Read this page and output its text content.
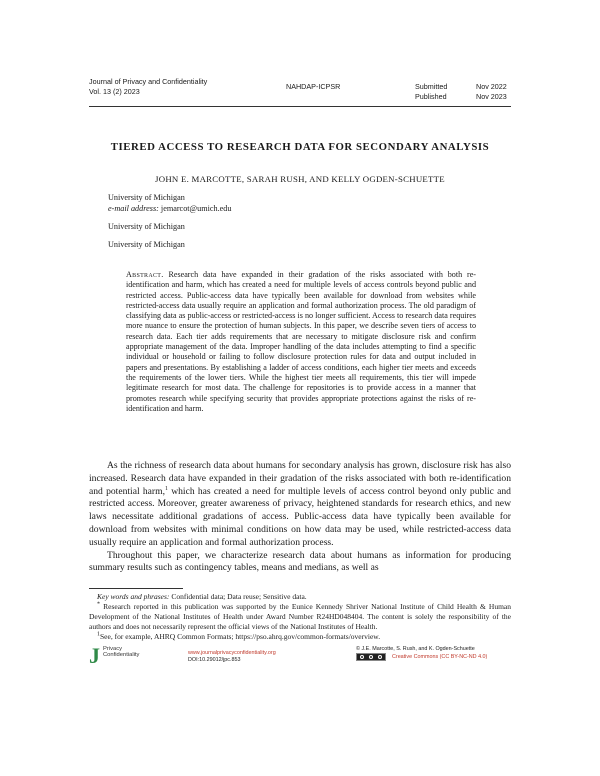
Journal of Privacy and Confidentiality
Vol. 13 (2) 2023
NAHDAP-ICPSR	Submitted	Nov 2022
Published	Nov 2023
TIERED ACCESS TO RESEARCH DATA FOR SECONDARY ANALYSIS
JOHN E. MARCOTTE, SARAH RUSH, AND KELLY OGDEN-SCHUETTE
University of Michigan
e-mail address: jemarcot@umich.edu
University of Michigan
University of Michigan
Abstract. Research data have expanded in their gradation of the risks associated with both re-identification and harm, which has created a need for multiple levels of access controls beyond public and restricted access. Public-access data have typically been available for download from websites while restricted-access data usually require an application and formal authorization process. The old paradigm of classifying data as public-access or restricted-access is no longer sufficient. Access to research data requires more nuance to ensure the protection of human subjects. In this paper, we describe seven tiers of access to research data. Each tier adds requirements that are necessary to mitigate disclosure risk and confirm appropriate management of the data. Improper handling of the data includes attempting to find a specific individual or household or failing to follow disclosure protection rules for data and output included in papers and presentations. By establishing a ladder of access conditions, each higher tier meets and exceeds the requirements of the lower tiers. While the highest tier meets all requirements, this tier will impede legitimate research for most data. The challenge for repositories is to provide access in a manner that promotes research while specifying security that provides appropriate protections against the risks of re-identification and harm.

As the richness of research data about humans for secondary analysis has grown, disclosure risk has also increased. Research data have expanded in their gradation of the risks associated with both re-identification and potential harm,$^1$ which has created a need for multiple levels of access control beyond only public and restricted access. Moreover, greater awareness of privacy, heightened standards for research ethics, and new laws necessitate additional gradations of access. Public-access data have typically been available for download from websites with minimal conditions on how data may be used, while restricted-access data usually require an application and formal authorization process.

Throughout this paper, we characterize research data about humans as information for producing summary results such as contingency tables, means and medians, as well as

Key words and phrases: Confidential data; Data reuse; Sensitive data.

* Research reported in this publication was supported by the Eunice Kennedy Shriver National Institute of Child Health & Human Development of the National Institutes of Health under Award Number R24HD048404. The content is solely the responsibility of the authors and does not necessarily represent the official views of the National Institutes of Health.

$^1$See, for example, AHRQ Common Formats; https://pso.ahrq.gov/common-formats/overview.

J Privacy
Confidentiality	www.journalprivacyconfidentiality.org
DOI:10.29012/jpc.853
© J.E. Marcotte, S. Rush, and K. Ogden-Schuette
Creative Commons (CC BY-NC-ND 4.0)
